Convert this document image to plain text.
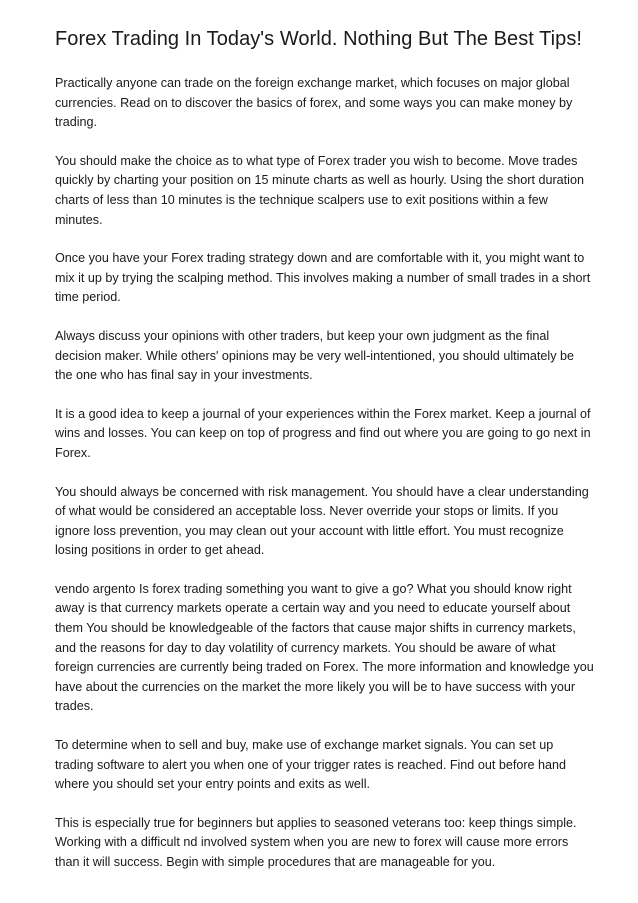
Forex Trading In Today's World. Nothing But The Best Tips!

Practically anyone can trade on the foreign exchange market, which focuses on major global currencies. Read on to discover the basics of forex, and some ways you can make money by trading.

You should make the choice as to what type of Forex trader you wish to become. Move trades quickly by charting your position on 15 minute charts as well as hourly. Using the short duration charts of less than 10 minutes is the technique scalpers use to exit positions within a few minutes.

Once you have your Forex trading strategy down and are comfortable with it, you might want to mix it up by trying the scalping method. This involves making a number of small trades in a short time period.

Always discuss your opinions with other traders, but keep your own judgment as the final decision maker. While others' opinions may be very well-intentioned, you should ultimately be the one who has final say in your investments.

It is a good idea to keep a journal of your experiences within the Forex market. Keep a journal of wins and losses. You can keep on top of progress and find out where you are going to go next in Forex.

You should always be concerned with risk management. You should have a clear understanding of what would be considered an acceptable loss. Never override your stops or limits. If you ignore loss prevention, you may clean out your account with little effort. You must recognize losing positions in order to get ahead.

vendo argento Is forex trading something you want to give a go? What you should know right away is that currency markets operate a certain way and you need to educate yourself about them You should be knowledgeable of the factors that cause major shifts in currency markets, and the reasons for day to day volatility of currency markets. You should be aware of what foreign currencies are currently being traded on Forex. The more information and knowledge you have about the currencies on the market the more likely you will be to have success with your trades.

To determine when to sell and buy, make use of exchange market signals. You can set up trading software to alert you when one of your trigger rates is reached. Find out before hand where you should set your entry points and exits as well.

This is especially true for beginners but applies to seasoned veterans too: keep things simple. Working with a difficult nd involved system when you are new to forex will cause more errors than it will success. Begin with simple procedures that are manageable for you.
